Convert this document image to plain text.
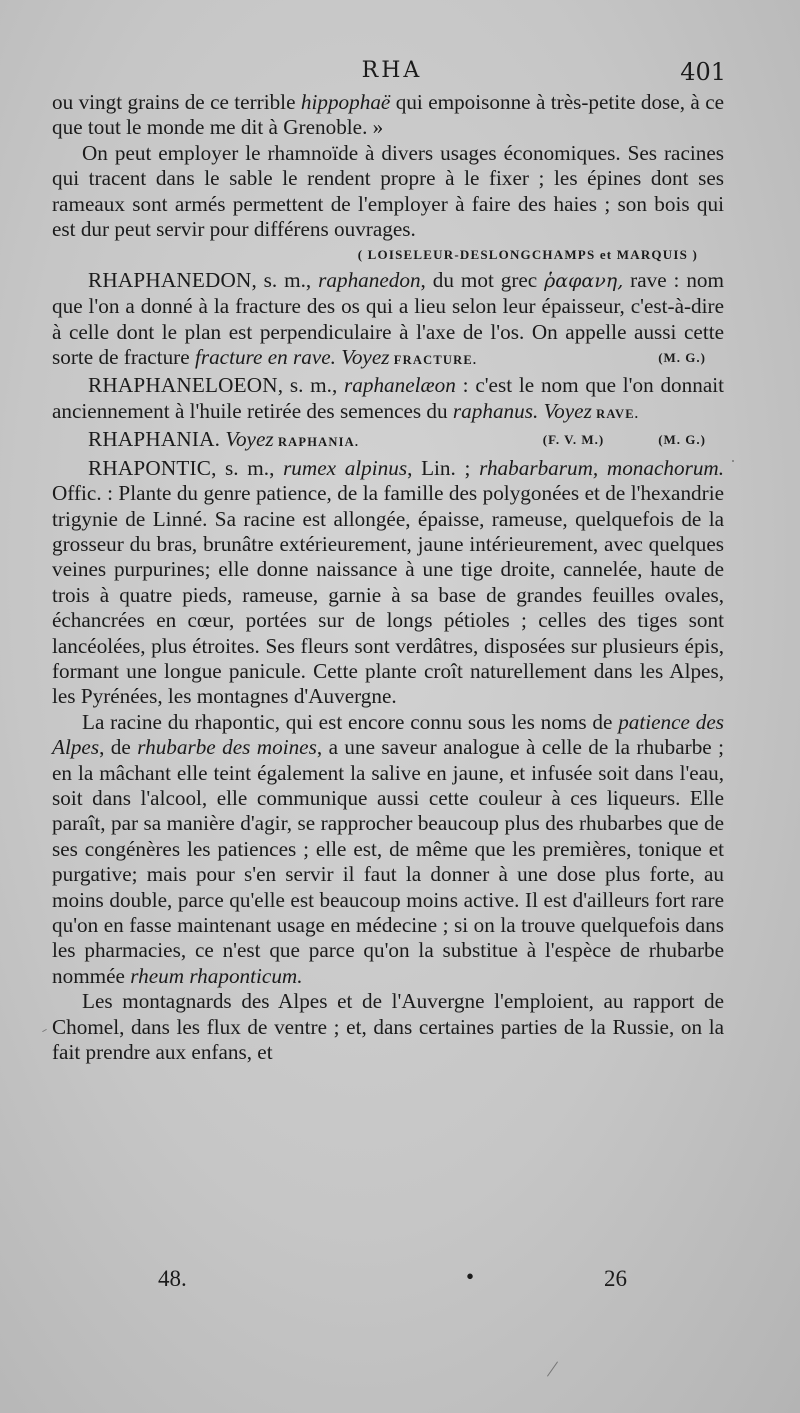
RHA	401

ou vingt grains de ce terrible hippophaë qui empoisonne à très-petite dose, à ce que tout le monde me dit à Grenoble. »

On peut employer le rhamnoïde à divers usages économiques. Ses racines qui tracent dans le sable le rendent propre à le fixer ; les épines dont ses rameaux sont armés permettent de l'employer à faire des haies ; son bois qui est dur peut servir pour différens ouvrages.

( LOISELEUR-DESLONGCHAMPS et MARQUIS )

RHAPHANEDON, s. m., raphanedon, du mot grec ῥαφανη, rave : nom que l'on a donné à la fracture des os qui a lieu selon leur épaisseur, c'est-à-dire à celle dont le plan est perpendiculaire à l'axe de l'os. On appelle aussi cette sorte de fracture fracture en rave. Voyez FRACTURE.	(M. G.)

RHAPHANELOEON, s. m., raphanelæon : c'est le nom que l'on donnait anciennement à l'huile retirée des semences du raphanus. Voyez RAVE.
(M. G.)

RHAPHANIA. Voyez RAPHANIA.	(F. V. M.)

RHAPONTIC, s. m., rumex alpinus, Lin. ; rhabarbarum, monachorum. Offic. : Plante du genre patience, de la famille des polygonées et de l'hexandrie trigynie de Linné. Sa racine est allongée, épaisse, rameuse, quelquefois de la grosseur du bras, brunâtre extérieurement, jaune intérieurement, avec quelques veines purpurines; elle donne naissance à une tige droite, cannelée, haute de trois à quatre pieds, rameuse, garnie à sa base de grandes feuilles ovales, échancrées en cœur, portées sur de longs pétioles ; celles des tiges sont lancéolées, plus étroites. Ses fleurs sont verdâtres, disposées sur plusieurs épis, formant une longue panicule. Cette plante croît naturellement dans les Alpes, les Pyrénées, les montagnes d'Auvergne.

La racine du rhapontic, qui est encore connu sous les noms de patience des Alpes, de rhubarbe des moines, a une saveur analogue à celle de la rhubarbe ; en la mâchant elle teint également la salive en jaune, et infusée soit dans l'eau, soit dans l'alcool, elle communique aussi cette couleur à ces liqueurs. Elle paraît, par sa manière d'agir, se rapprocher beaucoup plus des rhubarbes que de ses congénères les patiences ; elle est, de même que les premières, tonique et purgative; mais pour s'en servir il faut la donner à une dose plus forte, au moins double, parce qu'elle est beaucoup moins active. Il est d'ailleurs fort rare qu'on en fasse maintenant usage en médecine ; si on la trouve quelquefois dans les pharmacies, ce n'est que parce qu'on la substitue à l'espèce de rhubarbe nommée rheum rhaponticum.

Les montagnards des Alpes et de l'Auvergne l'emploient, au rapport de Chomel, dans les flux de ventre ; et, dans certaines parties de la Russie, on la fait prendre aux enfans, et

48.	•	26
